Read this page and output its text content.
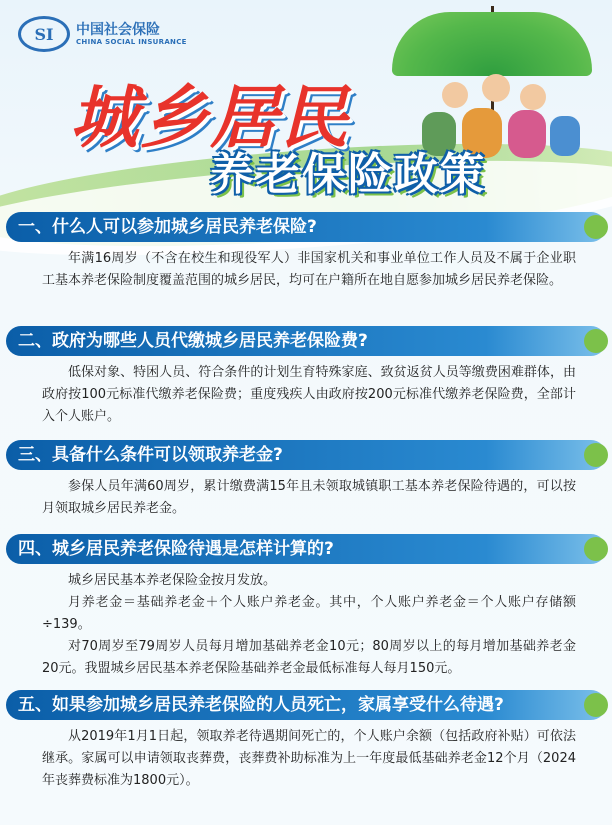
SI	中国社会保险
CHINA SOCIAL INSURANCE
城乡居民
养老保险政策
一、什么人可以参加城乡居民养老保险?

年满16周岁（不含在校生和现役军人）非国家机关和事业单位工作人员及不属于企业职工基本养老保险制度覆盖范围的城乡居民，均可在户籍所在地自愿参加城乡居民养老保险。

二、政府为哪些人员代缴城乡居民养老保险费?

低保对象、特困人员、符合条件的计划生育特殊家庭、致贫返贫人员等缴费困难群体，由政府按100元标准代缴养老保险费；重度残疾人由政府按200元标准代缴养老保险费，全部计入个人账户。

三、具备什么条件可以领取养老金?

参保人员年满60周岁，累计缴费满15年且未领取城镇职工基本养老保险待遇的，可以按月领取城乡居民养老金。

四、城乡居民养老保险待遇是怎样计算的?

城乡居民基本养老保险金按月发放。

月养老金＝基础养老金＋个人账户养老金。其中，个人账户养老金＝个人账户存储额÷139。

对70周岁至79周岁人员每月增加基础养老金10元；80周岁以上的每月增加基础养老金20元。我盟城乡居民基本养老保险基础养老金最低标准每人每月150元。

五、如果参加城乡居民养老保险的人员死亡，家属享受什么待遇?

从2019年1月1日起，领取养老待遇期间死亡的，个人账户余额（包括政府补贴）可依法继承。家属可以申请领取丧葬费，丧葬费补助标准为上一年度最低基础养老金12个月（2024年丧葬费标准为1800元）。
